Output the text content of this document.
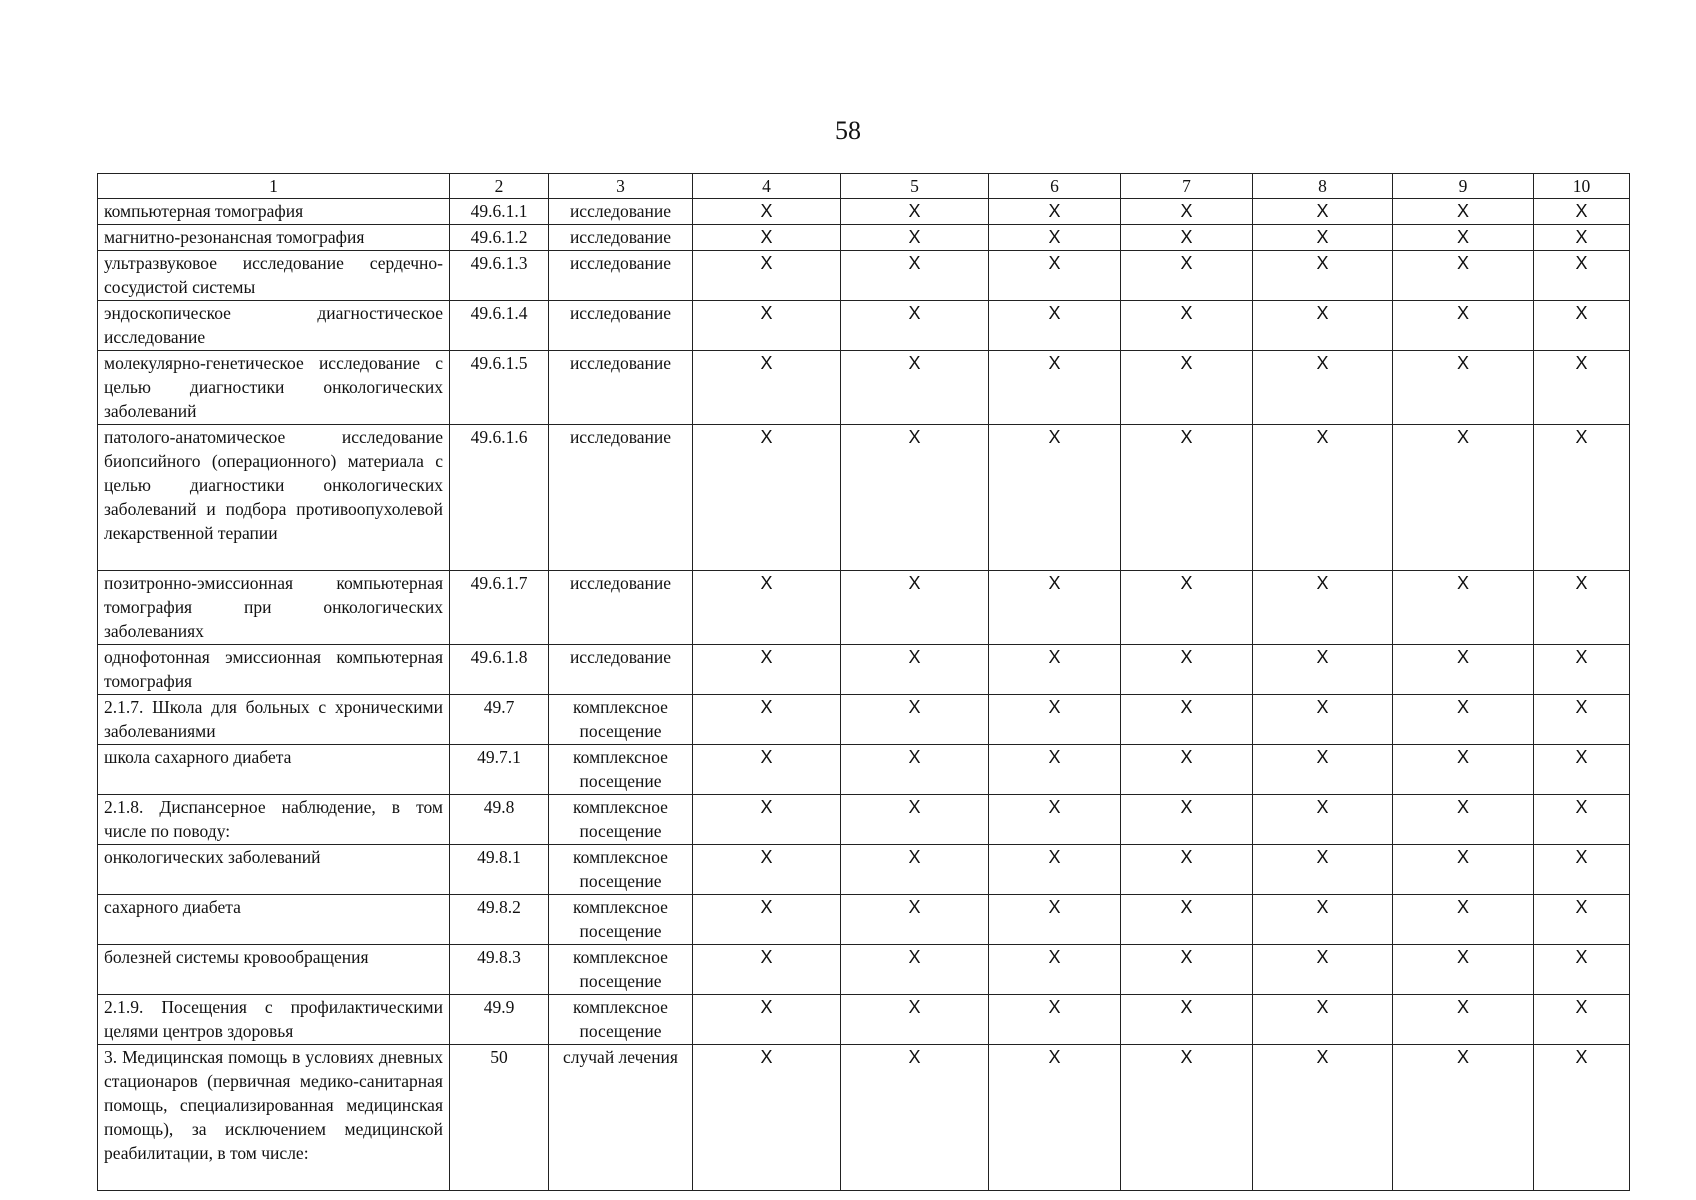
58
1	2	3	4	5	6	7	8	9	10
компьютерная томография	49.6.1.1	исследование	X	X	X	X	X	X	X
магнитно-резонансная томография	49.6.1.2	исследование	X	X	X	X	X	X	X
ультразвуковое исследование сердечно-сосудистой системы	49.6.1.3	исследование	X	X	X	X	X	X	X
эндоскопическое диагностическое исследование	49.6.1.4	исследование	X	X	X	X	X	X	X
молекулярно-генетическое исследование с целью диагностики онкологических заболеваний	49.6.1.5	исследование	X	X	X	X	X	X	X
патолого-анатомическое исследование биопсийного (операционного) материала с целью диагностики онкологических заболеваний и подбора противоопухолевой лекарственной терапии	49.6.1.6	исследование	X	X	X	X	X	X	X
позитронно-эмиссионная компьютерная томография при онкологических заболеваниях	49.6.1.7	исследование	X	X	X	X	X	X	X
однофотонная эмиссионная компьютерная томография	49.6.1.8	исследование	X	X	X	X	X	X	X
2.1.7. Школа для больных с хроническими заболеваниями	49.7	комплексное посещение	X	X	X	X	X	X	X
школа сахарного диабета	49.7.1	комплексное посещение	X	X	X	X	X	X	X
2.1.8. Диспансерное наблюдение, в том числе по поводу:	49.8	комплексное посещение	X	X	X	X	X	X	X
онкологических заболеваний	49.8.1	комплексное посещение	X	X	X	X	X	X	X
сахарного диабета	49.8.2	комплексное посещение	X	X	X	X	X	X	X
болезней системы кровообращения	49.8.3	комплексное посещение	X	X	X	X	X	X	X
2.1.9. Посещения с профилактическими целями центров здоровья	49.9	комплексное посещение	X	X	X	X	X	X	X
3. Медицинская помощь в условиях дневных стационаров (первичная медико-санитарная помощь, специализированная медицинская помощь), за исключением медицинской реабилитации, в том числе:	50	случай лечения	X	X	X	X	X	X	X
